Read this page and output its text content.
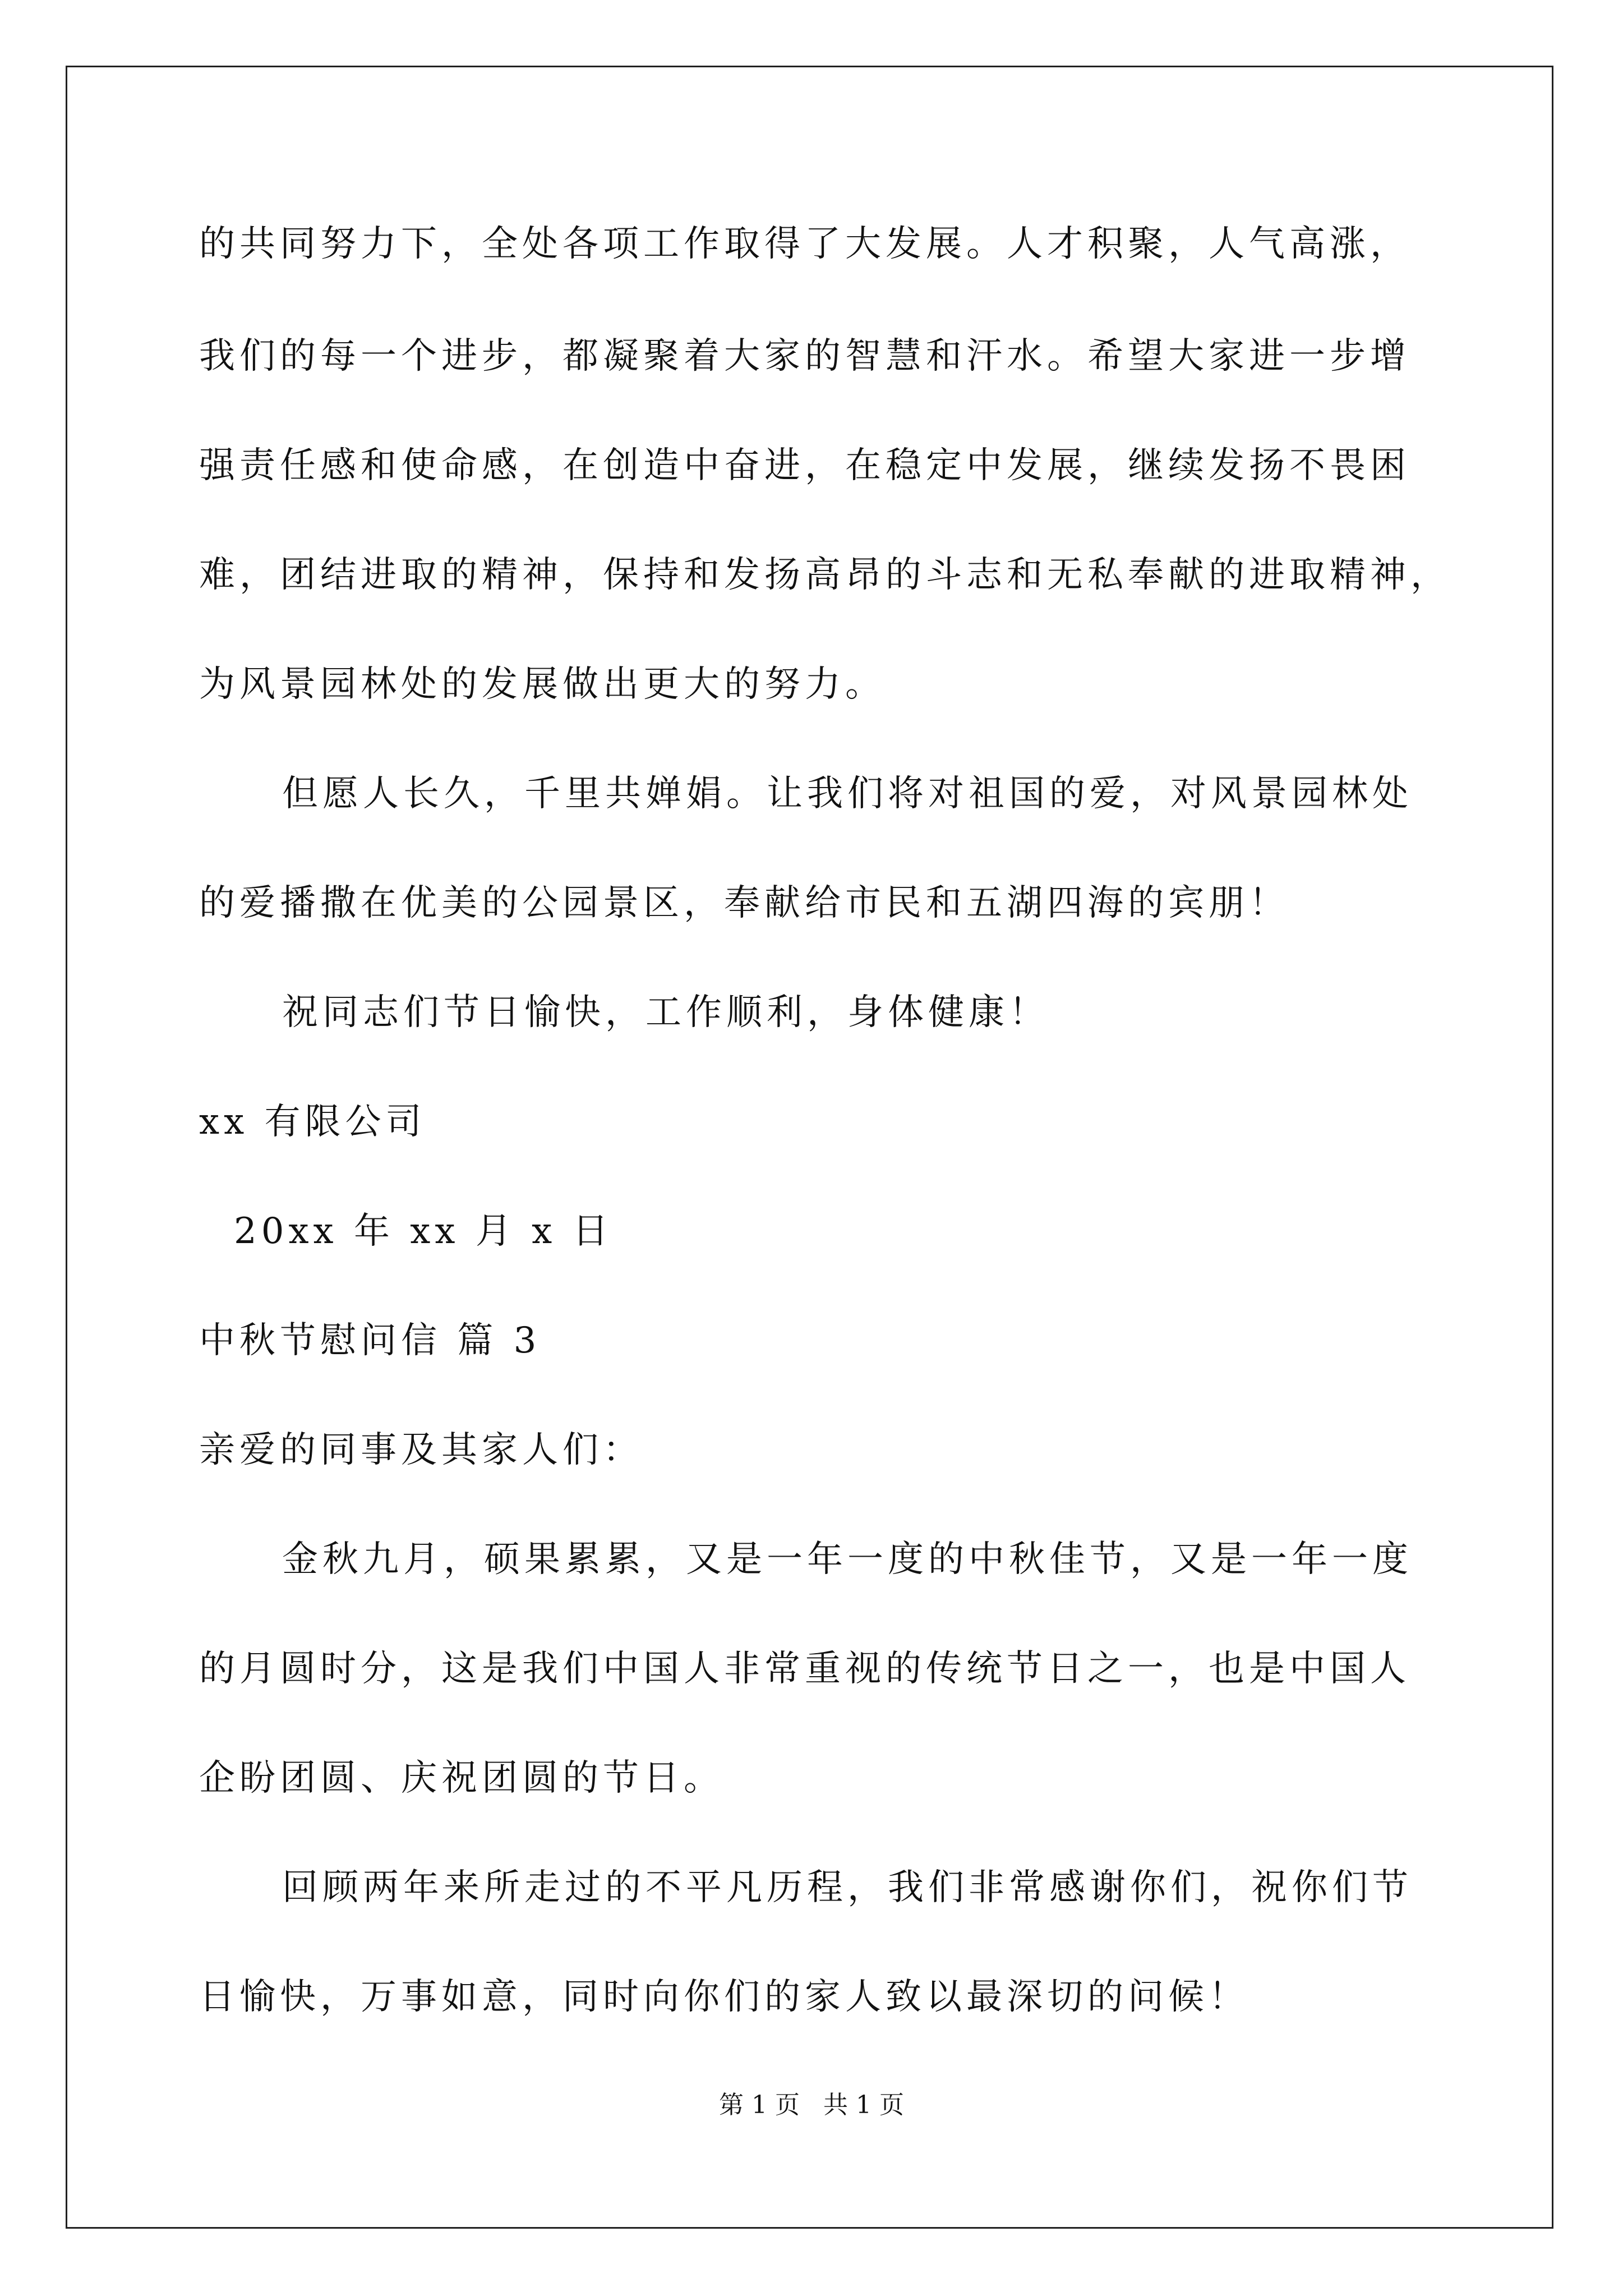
的共同努力下，全处各项工作取得了大发展。人才积聚，人气高涨，
我们的每一个进步，都凝聚着大家的智慧和汗水。希望大家进一步增
强责任感和使命感，在创造中奋进，在稳定中发展，继续发扬不畏困
难，团结进取的精神，保持和发扬高昂的斗志和无私奉献的进取精神，
为风景园林处的发展做出更大的努力。
但愿人长久，千里共婵娟。让我们将对祖国的爱，对风景园林处
的爱播撒在优美的公园景区，奉献给市民和五湖四海的宾朋！
祝同志们节日愉快，工作顺利，身体健康！
xx 有限公司
20xx 年 xx 月 x 日
中秋节慰问信 篇 3
亲爱的同事及其家人们：
金秋九月，硕果累累，又是一年一度的中秋佳节，又是一年一度
的月圆时分，这是我们中国人非常重视的传统节日之一，也是中国人
企盼团圆、庆祝团圆的节日。
回顾两年来所走过的不平凡历程，我们非常感谢你们，祝你们节
日愉快，万事如意，同时向你们的家人致以最深切的问候！
第 1 页   共 1 页
